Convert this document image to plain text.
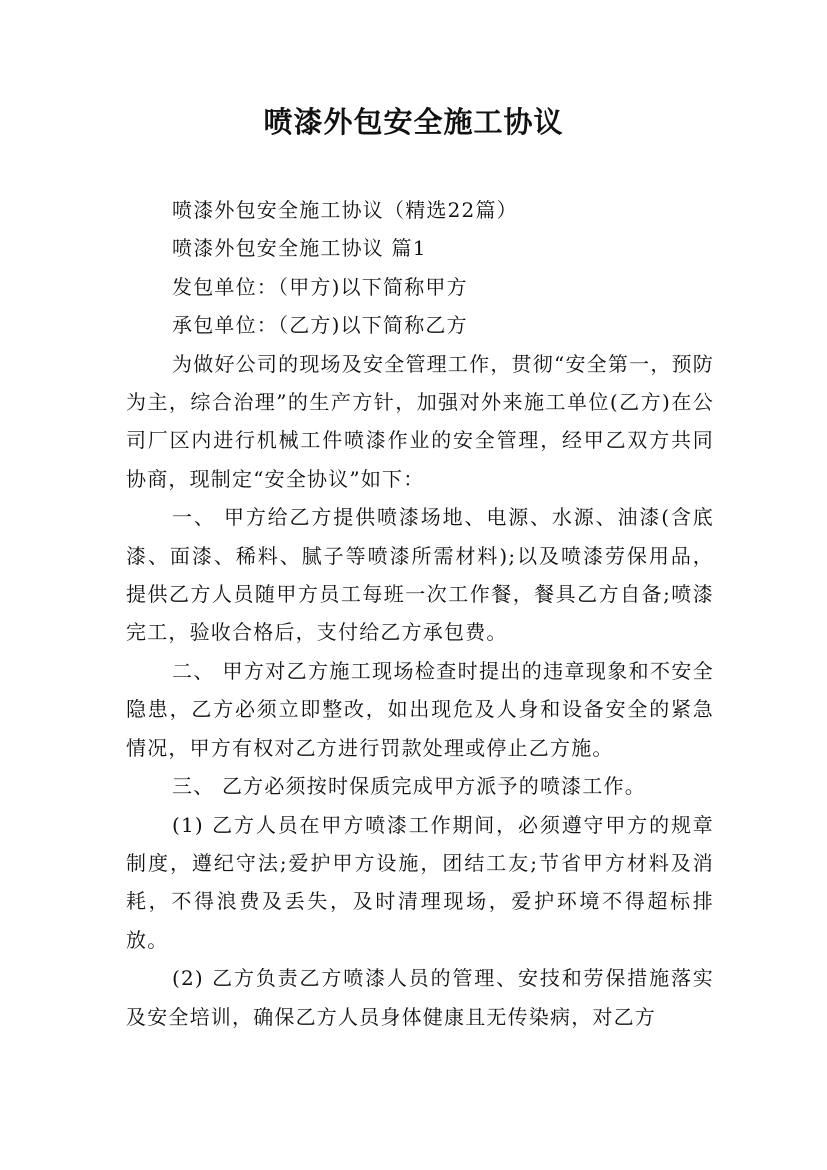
喷漆外包安全施工协议

喷漆外包安全施工协议（精选22篇）

喷漆外包安全施工协议 篇1

发包单位：（甲方)以下简称甲方

承包单位：（乙方)以下简称乙方

为做好公司的现场及安全管理工作，贯彻“安全第一，预防为主，综合治理”的生产方针，加强对外来施工单位(乙方)在公司厂区内进行机械工件喷漆作业的安全管理，经甲乙双方共同协商，现制定“安全协议”如下：

一、 甲方给乙方提供喷漆场地、电源、水源、油漆(含底漆、面漆、稀料、腻子等喷漆所需材料);以及喷漆劳保用品，提供乙方人员随甲方员工每班一次工作餐，餐具乙方自备;喷漆完工，验收合格后，支付给乙方承包费。

二、 甲方对乙方施工现场检查时提出的违章现象和不安全隐患，乙方必须立即整改，如出现危及人身和设备安全的紧急情况，甲方有权对乙方进行罚款处理或停止乙方施。

三、 乙方必须按时保质完成甲方派予的喷漆工作。

(1) 乙方人员在甲方喷漆工作期间，必须遵守甲方的规章制度，遵纪守法;爱护甲方设施，团结工友;节省甲方材料及消耗，不得浪费及丢失，及时清理现场，爱护环境不得超标排放。

(2) 乙方负责乙方喷漆人员的管理、安技和劳保措施落实及安全培训，确保乙方人员身体健康且无传染病，对乙方
